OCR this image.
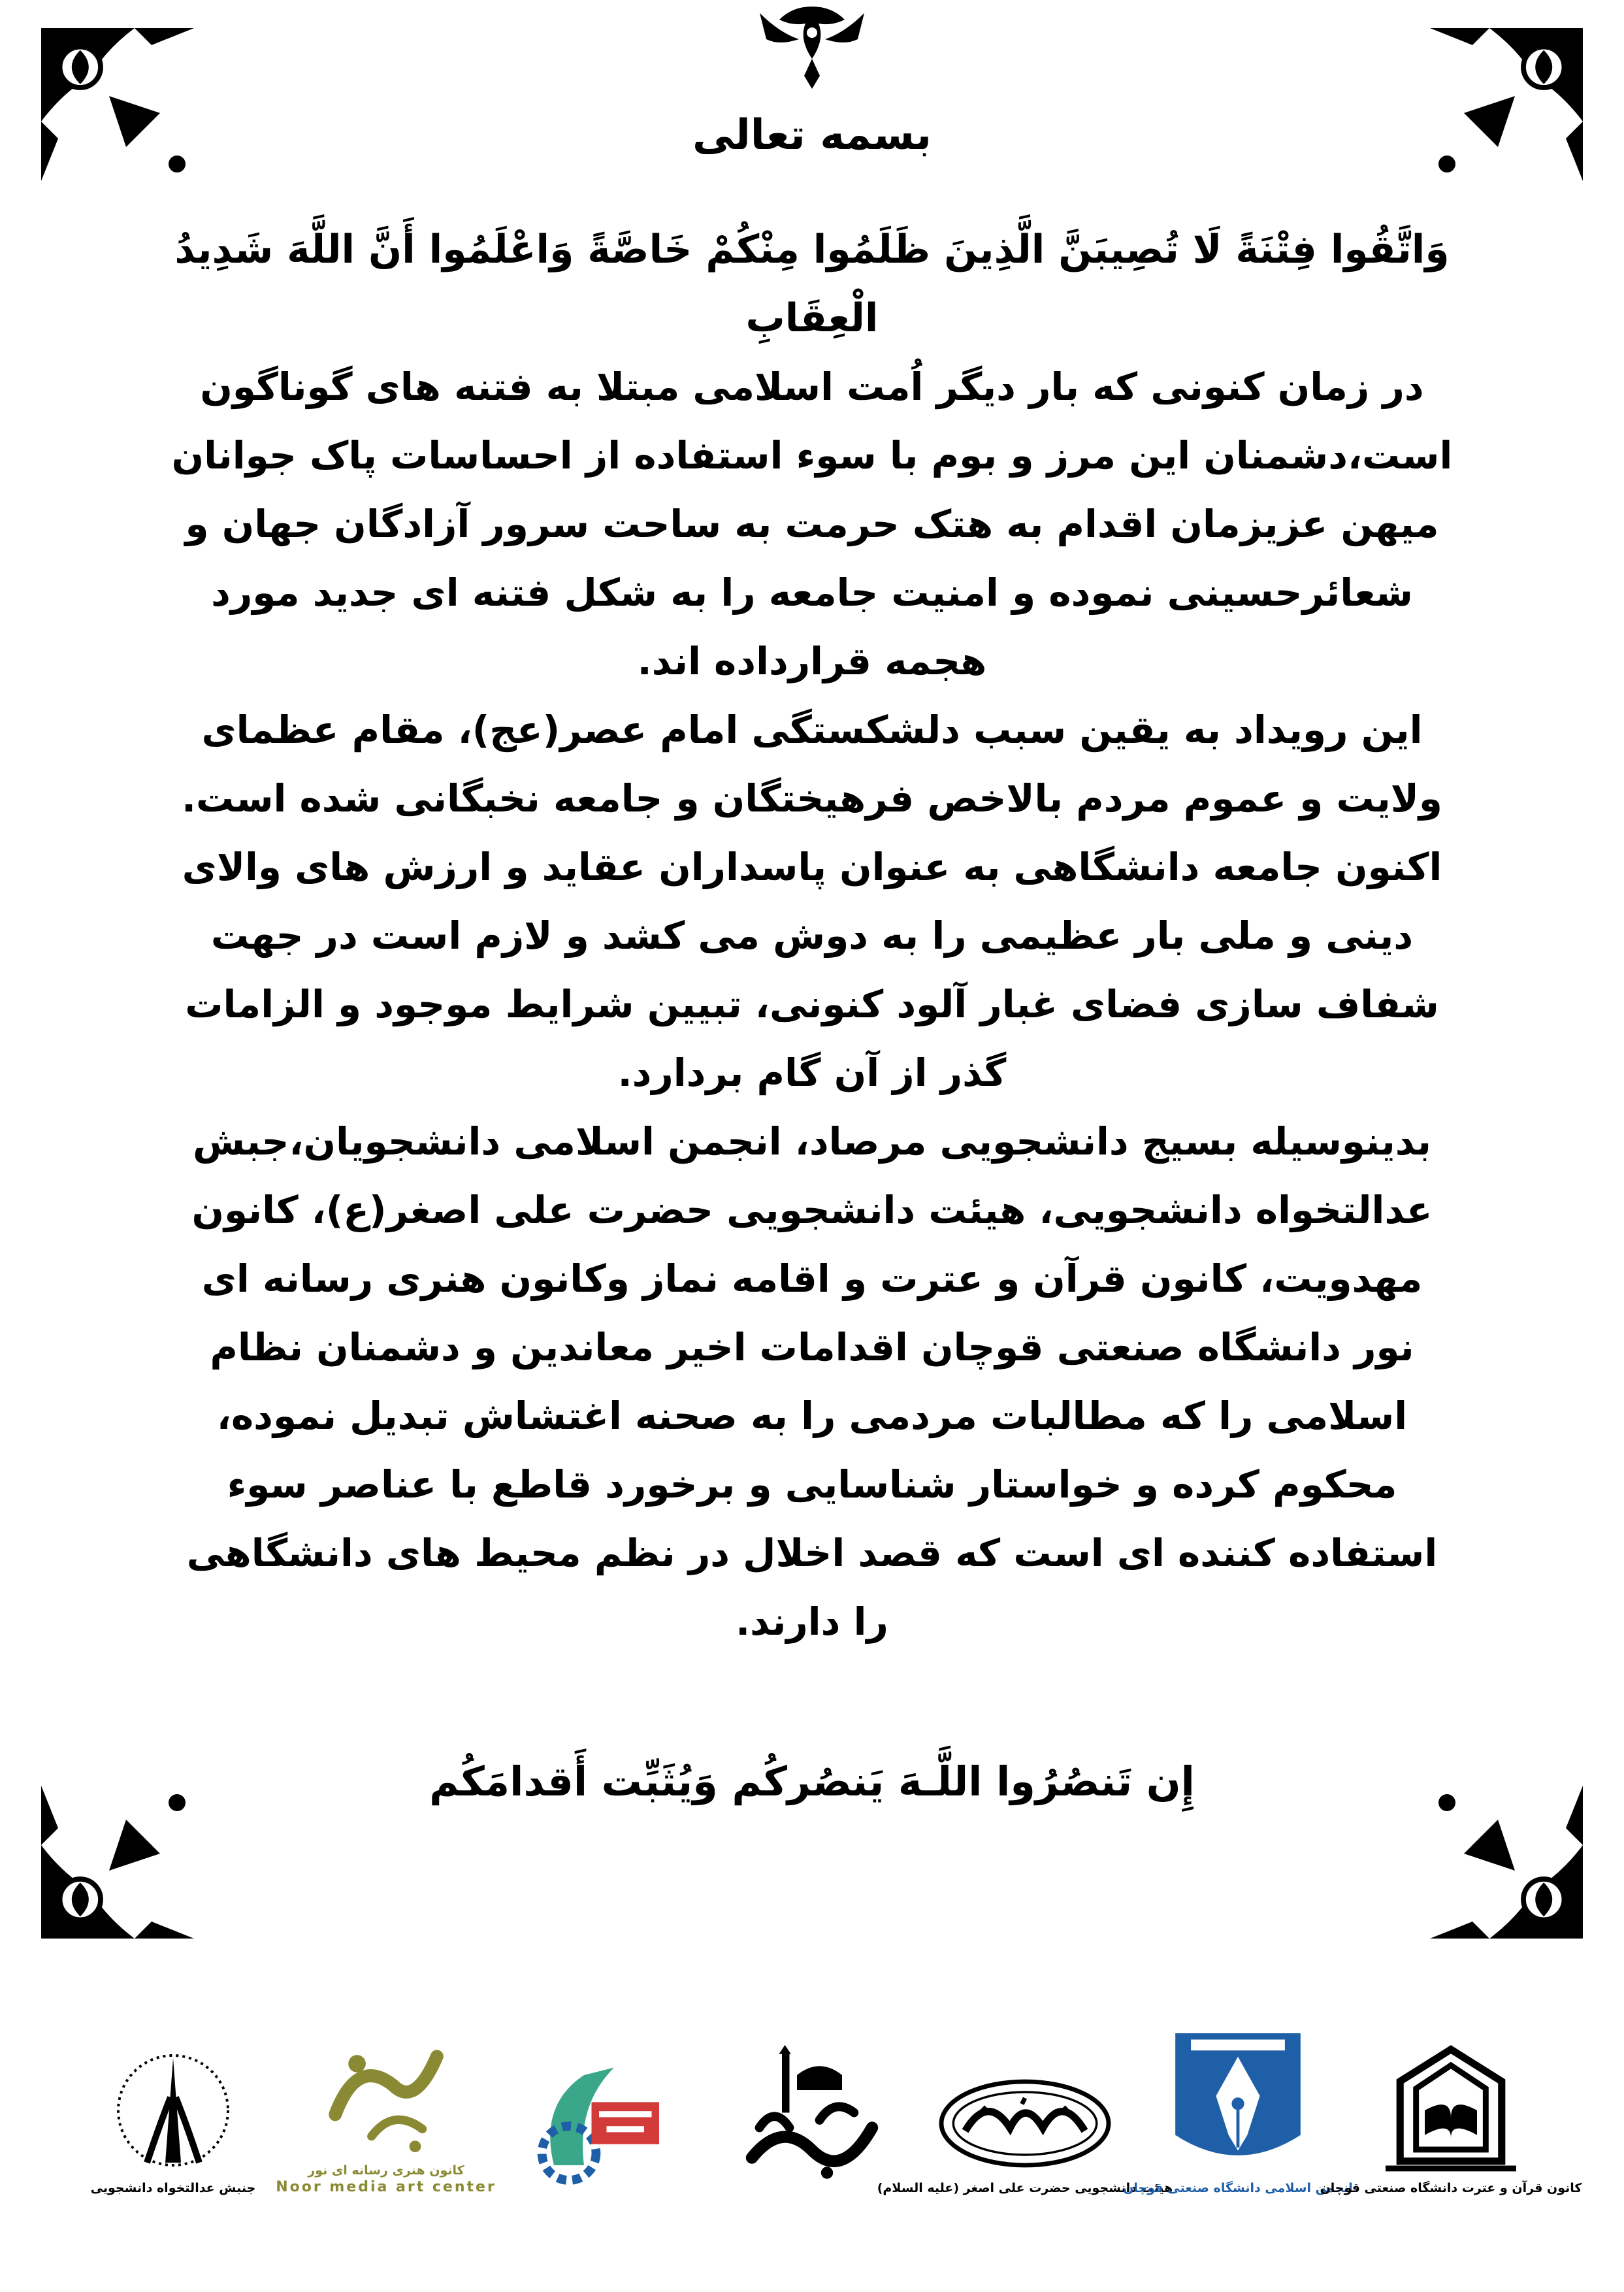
بسمه تعالی

وَاتَّقُوا فِتْنَةً لَا تُصِيبَنَّ الَّذِينَ ظَلَمُوا مِنْكُمْ خَاصَّةً وَاعْلَمُوا أَنَّ اللَّهَ شَدِيدُ الْعِقَابِ

در زمان کنونی که بار دیگر اُمت اسلامی مبتلا به فتنه های گوناگون است،دشمنان این مرز و بوم با سوء استفاده از احساسات پاک جوانان میهن عزیزمان اقدام به هتک حرمت به ساحت سرور آزادگان جهان و شعائرحسینی نموده و امنیت جامعه را به شکل فتنه ای جدید مورد هجمه قرارداده اند.

این رویداد به یقین سبب دلشکستگی امام عصر(عج)، مقام عظمای ولایت و عموم مردم بالاخص فرهیختگان و جامعه نخبگانی شده است.

اکنون جامعه دانشگاهی به عنوان پاسداران عقاید و ارزش های والای دینی و ملی بار عظیمی را به دوش می کشد و لازم است در جهت شفاف سازی فضای غبار آلود کنونی، تبیین شرایط موجود و الزامات گذر از آن گام بردارد.

بدینوسیله بسیج دانشجویی مرصاد، انجمن اسلامی دانشجویان،جبش عدالتخواه دانشجویی، هیئت دانشجویی حضرت علی اصغر(ع)، کانون مهدویت، کانون قرآن و عترت و اقامه نماز وکانون هنری رسانه ای نور دانشگاه صنعتی قوچان اقدامات اخیر معاندین و دشمنان نظام اسلامی را که مطالبات مردمی را به صحنه اغتشاش تبدیل نموده، محکوم کرده و خواستار شناسایی و برخورد قاطع با عناصر سوء استفاده کننده ای است که قصد اخلال در نظم محیط های دانشگاهی را دارند.

إِن تَنصُرُوا اللَّـهَ يَنصُرکُم وَيُثَبِّت أَقدامَکُم
کانون قرآن و عترت دانشگاه صنعتی قوچان
انجمن اسلامی دانشگاه صنعتی قوچان
هیئت دانشجویی حضرت علی اصغر (علیه السلام)
کانون هنری رسانه ای نور
Noor media art center
جنبش عدالتخواه دانشجویی
